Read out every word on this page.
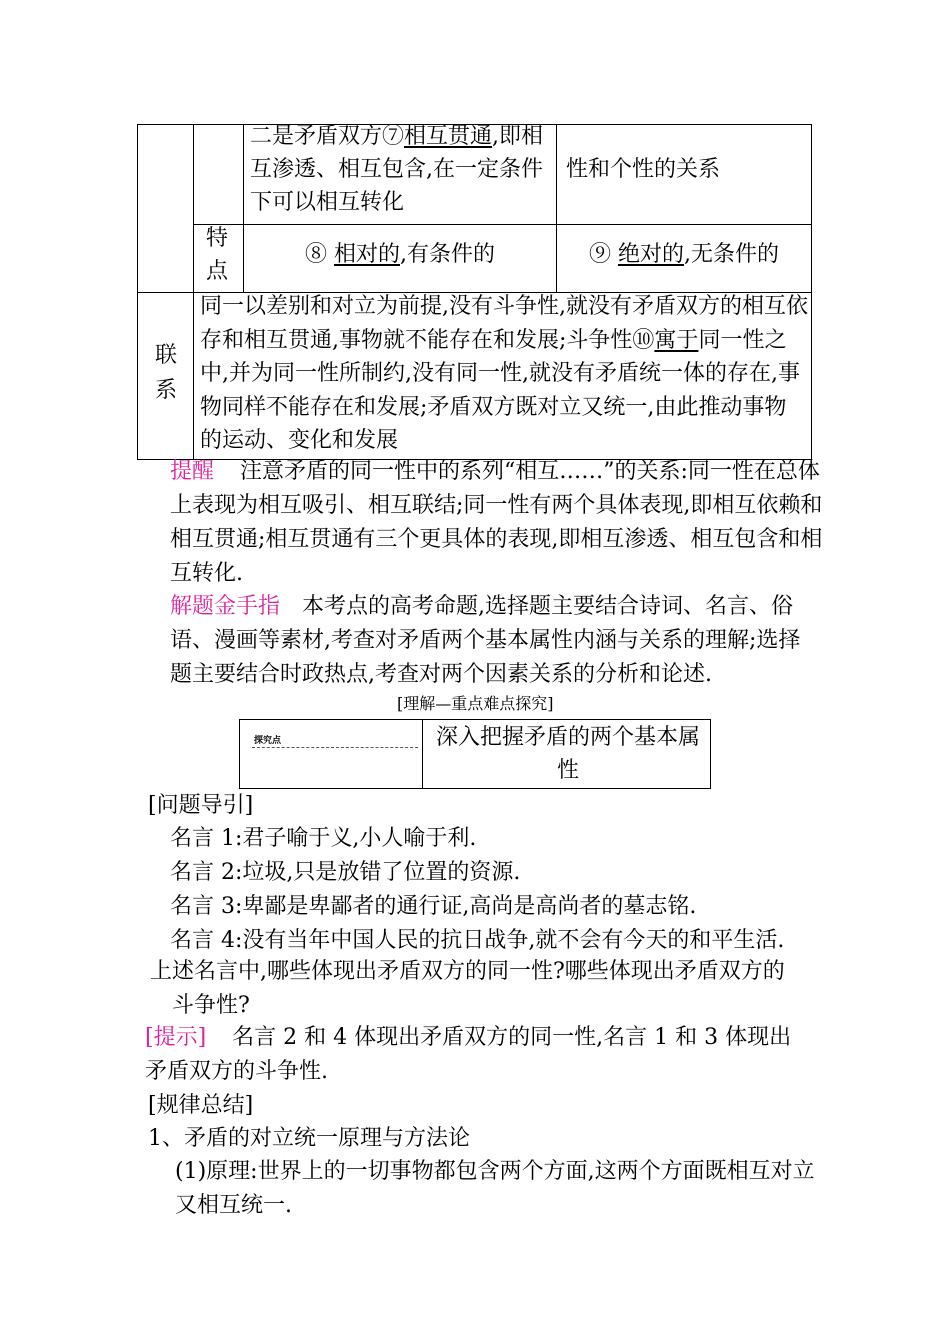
二是矛盾双方⑦相互贯通,即相互渗透、相互包含,在一定条件下可以相互转化
性和个性的关系
特点
⑧ 相对的,有条件的	⑨ 绝对的,无条件的
联系
同一以差别和对立为前提,没有斗争性,就没有矛盾双方的相互依存和相互贯通,事物就不能存在和发展;斗争性⑩寓于同一性之中,并为同一性所制约,没有同一性,就没有矛盾统一体的存在,事物同样不能存在和发展;矛盾双方既对立又统一,由此推动事物的运动、变化和发展
提醒 注意矛盾的同一性中的系列“相互……”的关系:同一性在总体上表现为相互吸引、相互联结;同一性有两个具体表现,即相互依赖和相互贯通;相互贯通有三个更具体的表现,即相互渗透、相互包含和相互转化.
解题金手指 本考点的高考命题,选择题主要结合诗词、名言、俗语、漫画等素材,考查对矛盾两个基本属性内涵与关系的理解;选择题主要结合时政热点,考查对两个因素关系的分析和论述.
[理解—重点难点探究]
探究点	深入把握矛盾的两个基本属性
[问题导引]
名言 1:君子喻于义,小人喻于利.
名言 2:垃圾,只是放错了位置的资源.
名言 3:卑鄙是卑鄙者的通行证,高尚是高尚者的墓志铭.
名言 4:没有当年中国人民的抗日战争,就不会有今天的和平生活.
上述名言中,哪些体现出矛盾双方的同一性?哪些体现出矛盾双方的斗争性?
[提示] 名言 2 和 4 体现出矛盾双方的同一性,名言 1 和 3 体现出矛盾双方的斗争性.
[规律总结]
1、矛盾的对立统一原理与方法论
(1)原理:世界上的一切事物都包含两个方面,这两个方面既相互对立又相互统一.
